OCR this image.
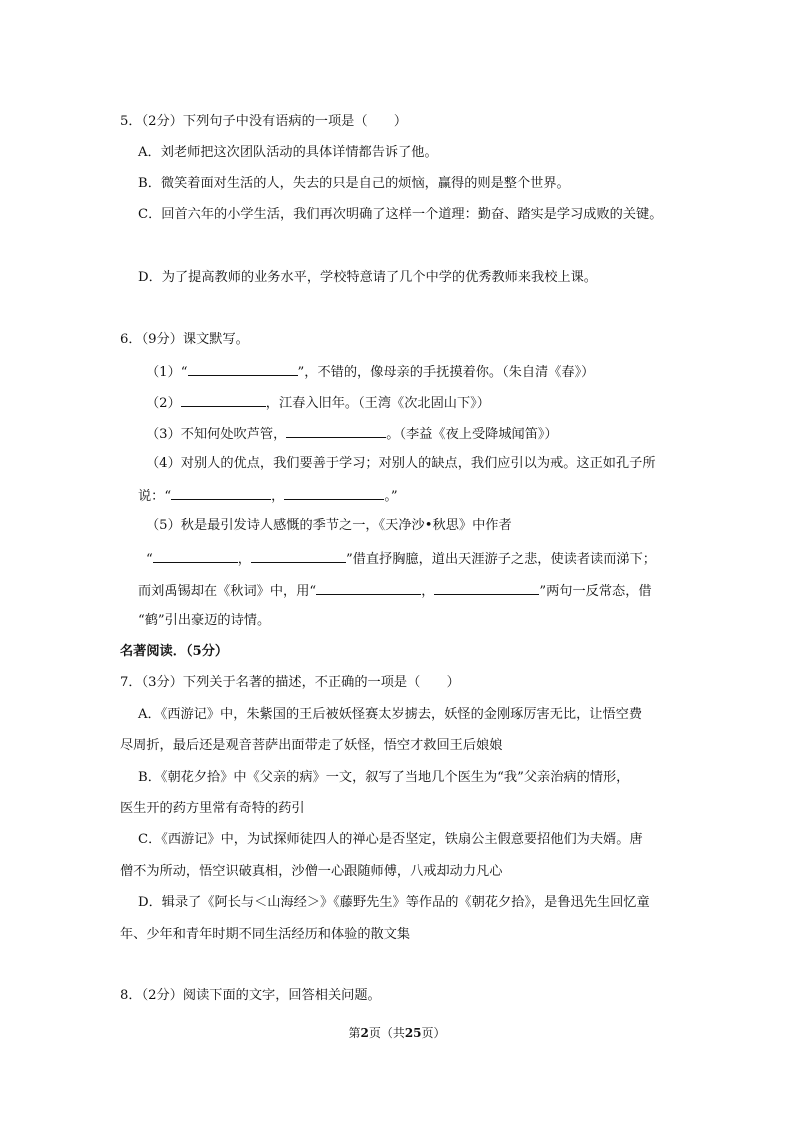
5．（2分）下列句子中没有语病的一项是（　　）
A．刘老师把这次团队活动的具体详情都告诉了他。
B．微笑着面对生活的人，失去的只是自己的烦恼，赢得的则是整个世界。
C．回首六年的小学生活，我们再次明确了这样一个道理：勤奋、踏实是学习成败的关键。
D．为了提高教师的业务水平，学校特意请了几个中学的优秀教师来我校上课。
6．（9分）课文默写。
（1）“	”，不错的，像母亲的手抚摸着你。（朱自清《春》）
（2）	，江春入旧年。（王湾《次北固山下》）
（3）不知何处吹芦管，	。（李益《夜上受降城闻笛》）
（4）对别人的优点，我们要善于学习；对别人的缺点，我们应引以为戒。这正如孔子所
说：“	，	。”
（5）秋是最引发诗人感慨的季节之一，《天净沙•秋思》中作者
“	，	”借直抒胸臆，道出天涯游子之悲，使读者读而涕下；
而刘禹锡却在《秋词》中，用“	，	”两句一反常态，借
“鹤”引出豪迈的诗情。
名著阅读．（5分）
7．（3分）下列关于名著的描述，不正确的一项是（　　）
A．《西游记》中，朱紫国的王后被妖怪赛太岁掳去，妖怪的金刚琢厉害无比，让悟空费
尽周折，最后还是观音菩萨出面带走了妖怪，悟空才救回王后娘娘
B．《朝花夕拾》中《父亲的病》一文，叙写了当地几个医生为“我”父亲治病的情形，
医生开的药方里常有奇特的药引
C．《西游记》中，为试探师徒四人的禅心是否坚定，铁扇公主假意要招他们为夫婿。唐
僧不为所动，悟空识破真相，沙僧一心跟随师傅，八戒却动力凡心
D．辑录了《阿长与＜山海经＞》《藤野先生》等作品的《朝花夕拾》，是鲁迅先生回忆童
年、少年和青年时期不同生活经历和体验的散文集
8．（2分）阅读下面的文字，回答相关问题。
第2页（共25页）
